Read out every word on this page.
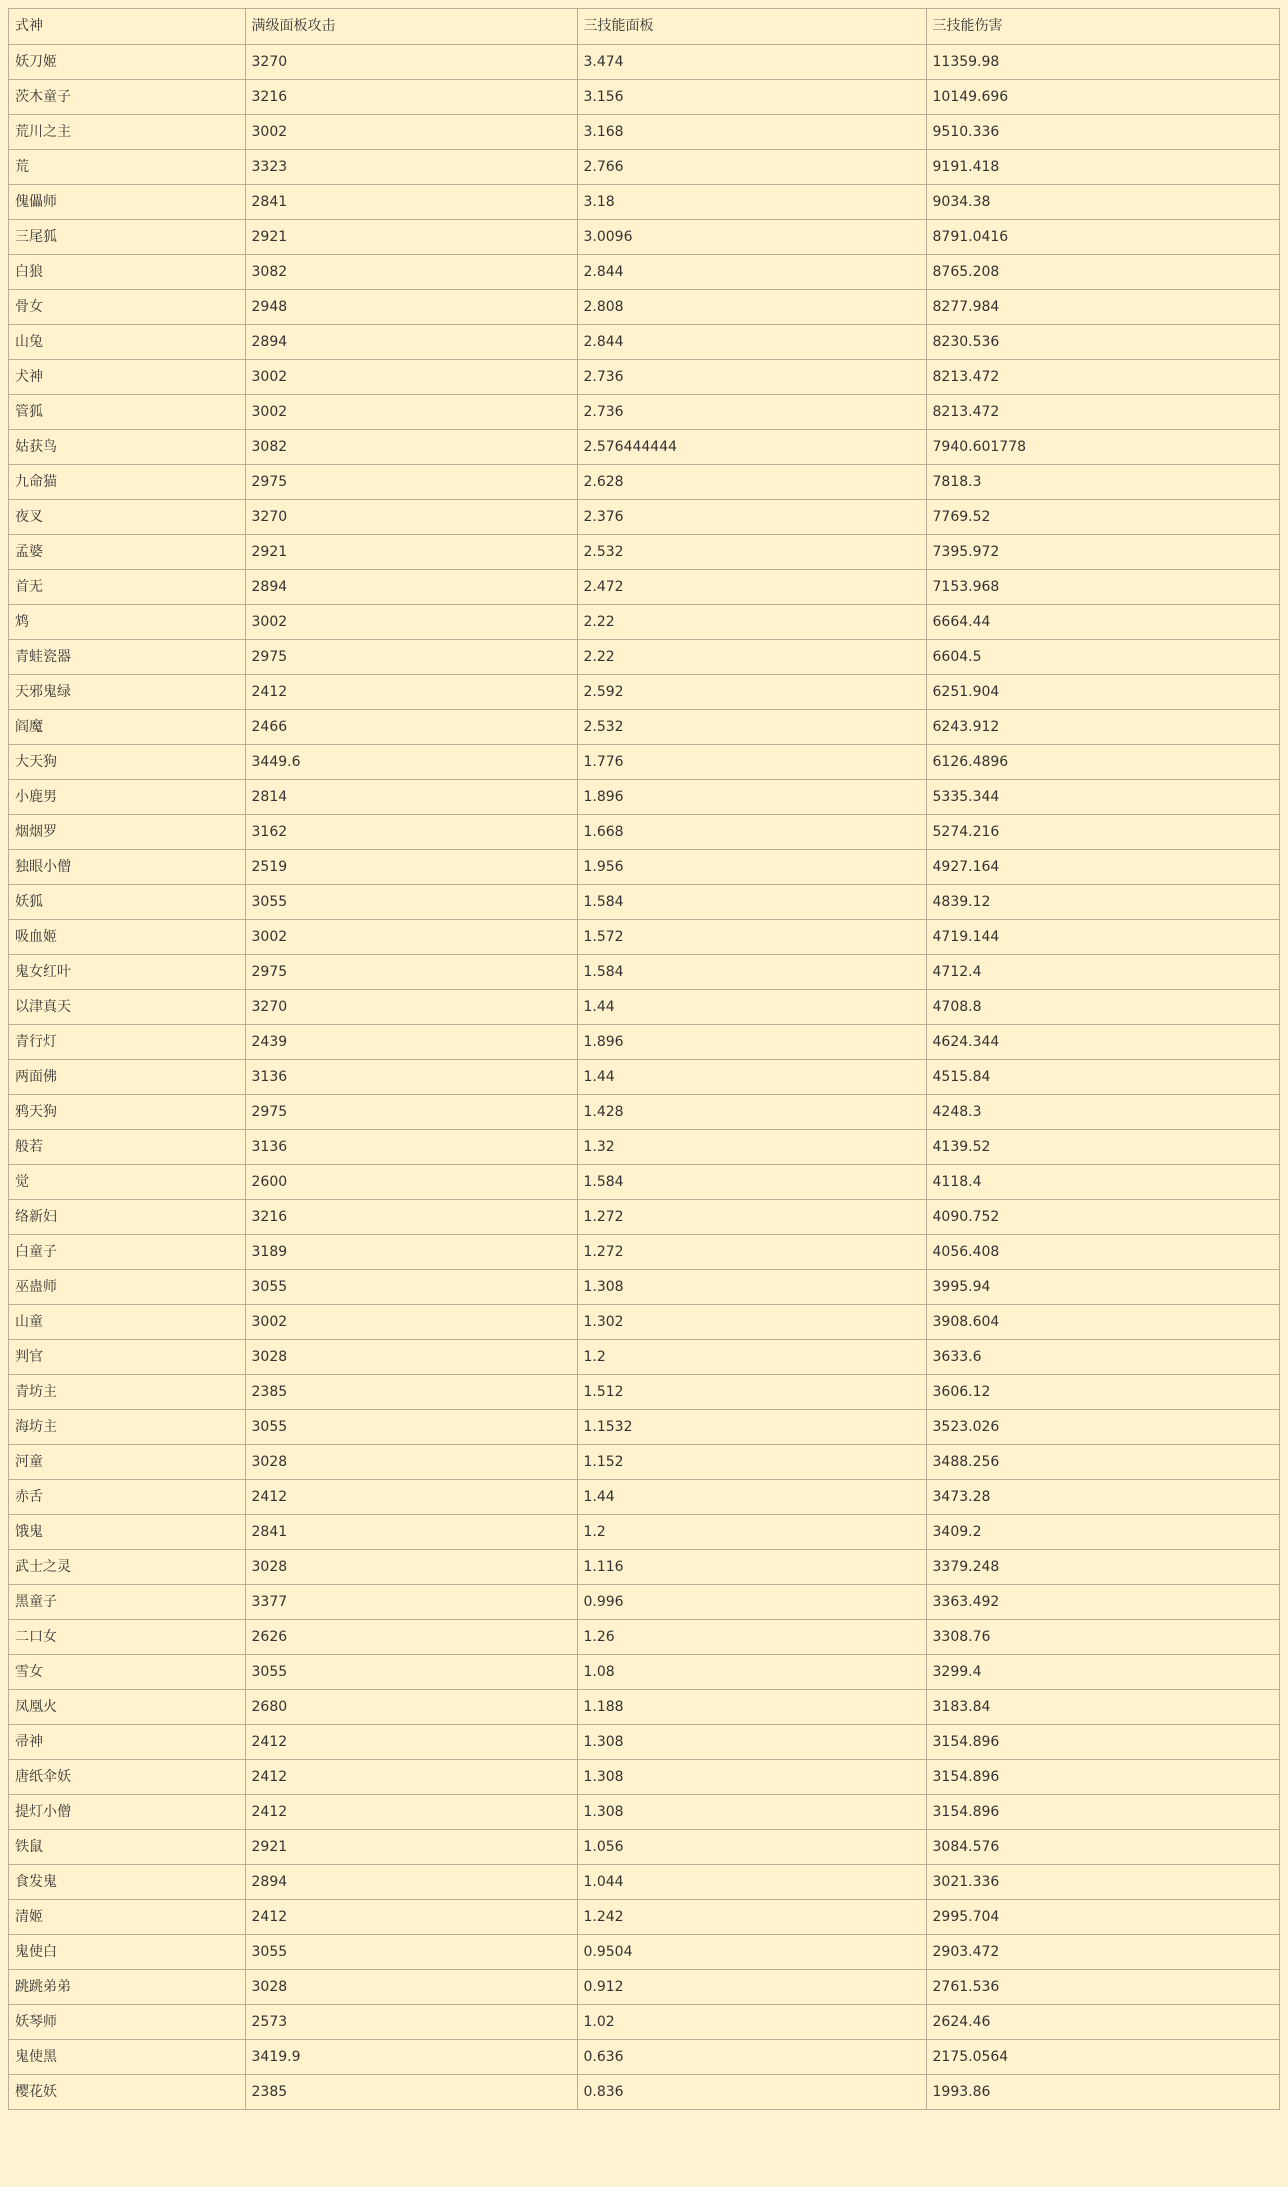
式神	满级面板攻击	三技能面板	三技能伤害
妖刀姬	3270	3.474	11359.98
茨木童子	3216	3.156	10149.696
荒川之主	3002	3.168	9510.336
荒	3323	2.766	9191.418
傀儡师	2841	3.18	9034.38
三尾狐	2921	3.0096	8791.0416
白狼	3082	2.844	8765.208
骨女	2948	2.808	8277.984
山兔	2894	2.844	8230.536
犬神	3002	2.736	8213.472
管狐	3002	2.736	8213.472
姑获鸟	3082	2.576444444	7940.601778
九命猫	2975	2.628	7818.3
夜叉	3270	2.376	7769.52
孟婆	2921	2.532	7395.972
首无	2894	2.472	7153.968
鸩	3002	2.22	6664.44
青蛙瓷器	2975	2.22	6604.5
天邪鬼绿	2412	2.592	6251.904
阎魔	2466	2.532	6243.912
大天狗	3449.6	1.776	6126.4896
小鹿男	2814	1.896	5335.344
烟烟罗	3162	1.668	5274.216
独眼小僧	2519	1.956	4927.164
妖狐	3055	1.584	4839.12
吸血姬	3002	1.572	4719.144
鬼女红叶	2975	1.584	4712.4
以津真天	3270	1.44	4708.8
青行灯	2439	1.896	4624.344
两面佛	3136	1.44	4515.84
鸦天狗	2975	1.428	4248.3
般若	3136	1.32	4139.52
觉	2600	1.584	4118.4
络新妇	3216	1.272	4090.752
白童子	3189	1.272	4056.408
巫蛊师	3055	1.308	3995.94
山童	3002	1.302	3908.604
判官	3028	1.2	3633.6
青坊主	2385	1.512	3606.12
海坊主	3055	1.1532	3523.026
河童	3028	1.152	3488.256
赤舌	2412	1.44	3473.28
饿鬼	2841	1.2	3409.2
武士之灵	3028	1.116	3379.248
黑童子	3377	0.996	3363.492
二口女	2626	1.26	3308.76
雪女	3055	1.08	3299.4
凤凰火	2680	1.188	3183.84
帚神	2412	1.308	3154.896
唐纸伞妖	2412	1.308	3154.896
提灯小僧	2412	1.308	3154.896
铁鼠	2921	1.056	3084.576
食发鬼	2894	1.044	3021.336
清姬	2412	1.242	2995.704
鬼使白	3055	0.9504	2903.472
跳跳弟弟	3028	0.912	2761.536
妖琴师	2573	1.02	2624.46
鬼使黑	3419.9	0.636	2175.0564
樱花妖	2385	0.836	1993.86
